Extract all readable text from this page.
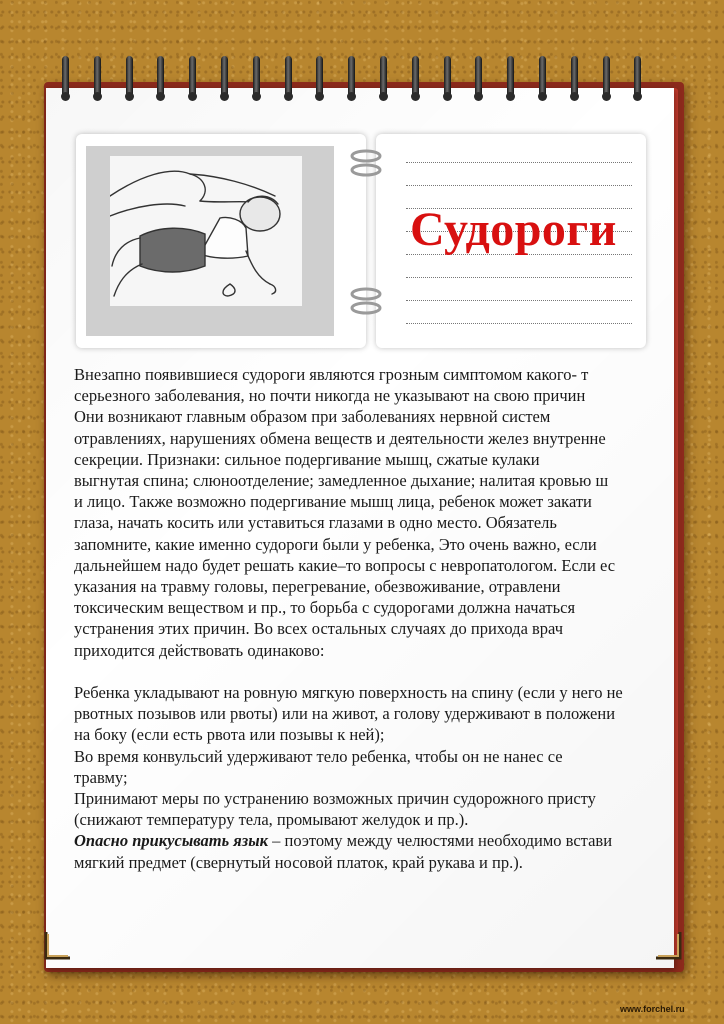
Судороги

Внезапно появившиеся судороги являются грозным симптомом какого- т

серьезного заболевания, но почти никогда не указывают на свою причин

Они возникают главным образом при заболеваниях нервной систем

отравлениях, нарушениях обмена веществ и деятельности желез внутренне

секреции. Признаки: сильное подергивание мышц, сжатые кулаки

выгнутая спина; слюноотделение; замедленное дыхание; налитая кровью ш

и лицо. Также возможно подергивание мышц лица, ребенок может закати

глаза, начать косить или уставиться глазами в одно место. Обязатель

запомните, какие именно судороги были у ребенка, Это очень важно, если

дальнейшем надо будет решать какие–то вопросы с невропатологом. Если ес

указания на травму головы, перегревание, обезвоживание, отравлени

токсическим веществом и пр., то борьба с судорогами должна начаться

устранения этих причин. Во всех остальных случаях до прихода врач

приходится действовать одинаково:

Ребенка укладывают на ровную мягкую поверхность на спину (если у него не

рвотных позывов или рвоты) или на живот, а голову удерживают в положени

на боку (если есть рвота или позывы к ней);

Во время конвульсий удерживают тело ребенка, чтобы он не нанес се

травму;

Принимают меры по устранению возможных причин судорожного присту

(снижают температуру тела, промывают желудок и пр.).

Опасно прикусывать язык – поэтому между челюстями необходимо встави

мягкий предмет (свернутый носовой платок, край рукава и пр.).

www.forchel.ru
